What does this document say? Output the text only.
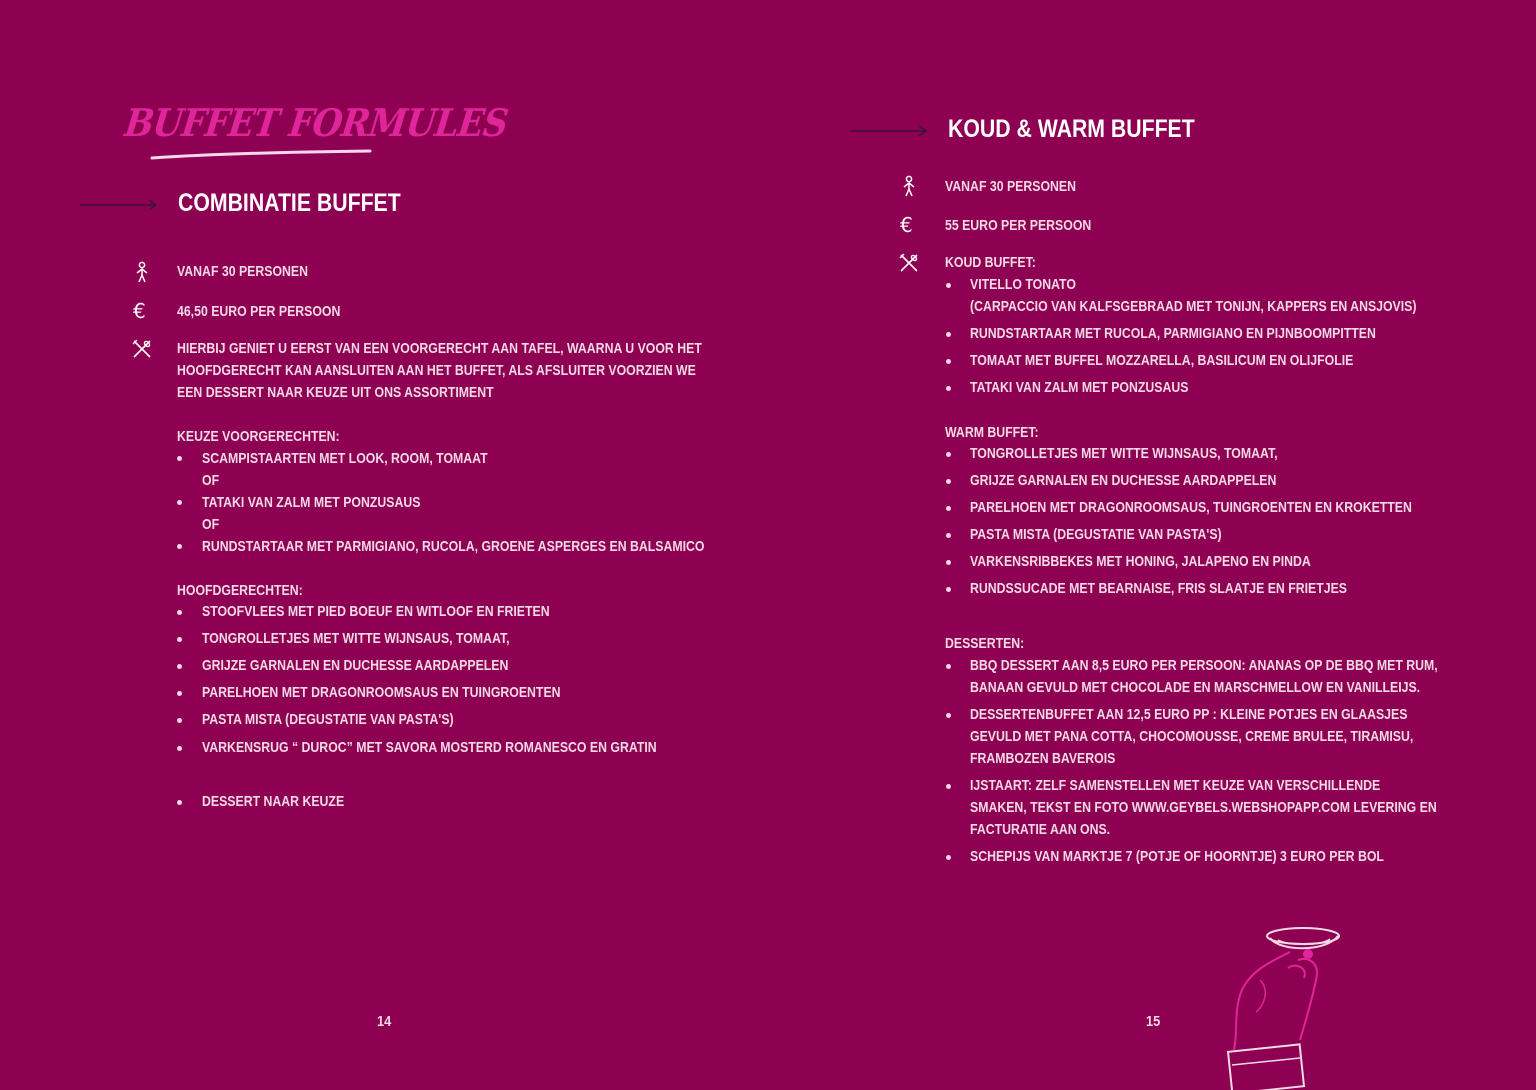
BUFFET FORMULES
COMBINATIE BUFFET
VANAF 30 PERSONEN
€ 46,50 EURO PER PERSOON
HIERBIJ GENIET U EERST VAN EEN VOORGERECHT AAN TAFEL, WAARNA U VOOR HET
HOOFDGERECHT KAN AANSLUITEN AAN HET BUFFET, ALS AFSLUITER VOORZIEN WE
EEN DESSERT NAAR KEUZE UIT ONS ASSORTIMENT
KEUZE VOORGERECHTEN:
SCAMPISTAARTEN MET LOOK, ROOM, TOMAAT
OF
TATAKI VAN ZALM MET PONZUSAUS
OF
RUNDSTARTAAR MET PARMIGIANO, RUCOLA, GROENE ASPERGES EN BALSAMICO
HOOFDGERECHTEN:
STOOFVLEES MET PIED BOEUF EN WITLOOF EN FRIETEN
TONGROLLETJES MET WITTE WIJNSAUS, TOMAAT,
GRIJZE GARNALEN EN DUCHESSE AARDAPPELEN
PARELHOEN MET DRAGONROOMSAUS EN TUINGROENTEN
PASTA MISTA (DEGUSTATIE VAN PASTA'S)
VARKENSRUG “ DUROC” MET SAVORA MOSTERD ROMANESCO EN GRATIN
DESSERT NAAR KEUZE
14
KOUD & WARM BUFFET
VANAF 30 PERSONEN
€ 55 EURO PER PERSOON
KOUD BUFFET:
VITELLO TONATO
(CARPACCIO VAN KALFSGEBRAAD MET TONIJN, KAPPERS EN ANSJOVIS)
RUNDSTARTAAR MET RUCOLA, PARMIGIANO EN PIJNBOOMPITTEN
TOMAAT MET BUFFEL MOZZARELLA, BASILICUM EN OLIJFOLIE
TATAKI VAN ZALM MET PONZUSAUS
WARM BUFFET:
TONGROLLETJES MET WITTE WIJNSAUS, TOMAAT,
GRIJZE GARNALEN EN DUCHESSE AARDAPPELEN
PARELHOEN MET DRAGONROOMSAUS, TUINGROENTEN EN KROKETTEN
PASTA MISTA (DEGUSTATIE VAN PASTA'S)
VARKENSRIBBEKES MET HONING, JALAPENO EN PINDA
RUNDSSUCADE MET BEARNAISE, FRIS SLAATJE EN FRIETJES
DESSERTEN:
BBQ DESSERT AAN 8,5 EURO PER PERSOON: ANANAS OP DE BBQ MET RUM,
BANAAN GEVULD MET CHOCOLADE EN MARSCHMELLOW EN VANILLEIJS.
DESSERTENBUFFET AAN 12,5 EURO PP : KLEINE POTJES EN GLAASJES
GEVULD MET PANA COTTA, CHOCOMOUSSE, CREME BRULEE, TIRAMISU,
FRAMBOZEN BAVEROIS
IJSTAART: ZELF SAMENSTELLEN MET KEUZE VAN VERSCHILLENDE
SMAKEN, TEKST EN FOTO WWW.GEYBELS.WEBSHOPAPP.COM LEVERING EN
FACTURATIE AAN ONS.
SCHEPIJS VAN MARKTJE 7 (POTJE OF HOORNTJE) 3 EURO PER BOL
15
